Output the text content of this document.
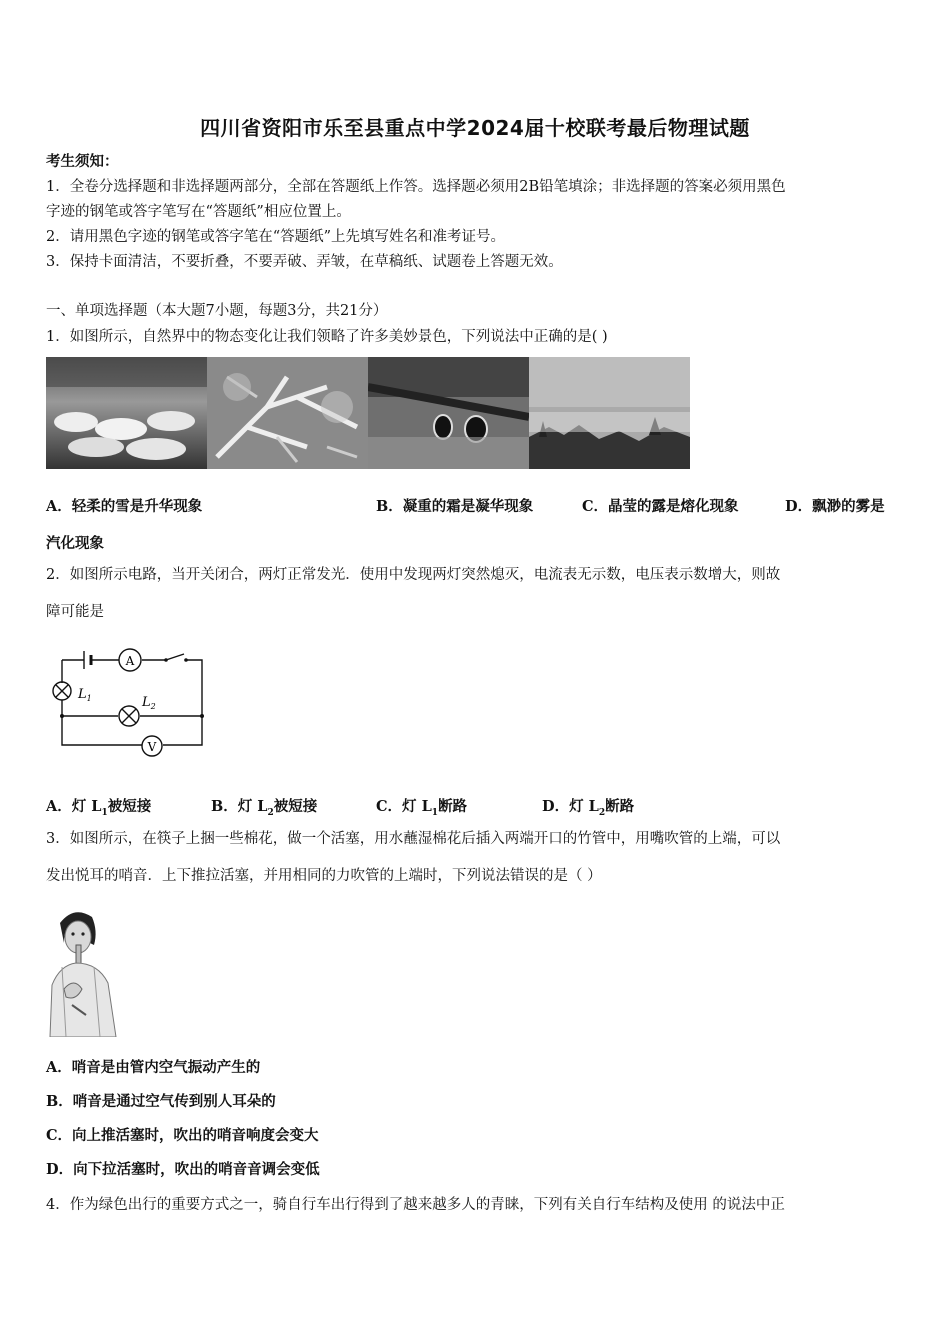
四川省资阳市乐至县重点中学2024届十校联考最后物理试题
考生须知：
1．全卷分选择题和非选择题两部分，全部在答题纸上作答。选择题必须用2B铅笔填涂；非选择题的答案必须用黑色
字迹的钢笔或答字笔写在“答题纸”相应位置上。
2．请用黑色字迹的钢笔或答字笔在“答题纸”上先填写姓名和准考证号。
3．保持卡面清洁，不要折叠，不要弄破、弄皱，在草稿纸、试题卷上答题无效。
一、单项选择题（本大题7小题，每题3分，共21分）
1．如图所示，自然界中的物态变化让我们领略了许多美妙景色，下列说法中正确的是( )
A．轻柔的雪是升华现象	B．凝重的霜是凝华现象	C．晶莹的露是熔化现象	D．飘渺的雾是
汽化现象
2．如图所示电路，当开关闭合，两灯正常发光．使用中发现两灯突然熄灭，电流表无示数，电压表示数增大，则故
障可能是
A
V
$L_1$	$L_2$
A．灯 $L_1$被短接	B．灯 $L_2$被短接	C．灯 $L_1$断路	D．灯 $L_2$断路
3．如图所示，在筷子上捆一些棉花，做一个活塞，用水蘸湿棉花后插入两端开口的竹管中，用嘴吹管的上端，可以
发出悦耳的哨音．上下推拉活塞，并用相同的力吹管的上端时，下列说法错误的是（ ）
A．哨音是由管内空气振动产生的
B．哨音是通过空气传到别人耳朵的
C．向上推活塞时，吹出的哨音响度会变大
D．向下拉活塞时，吹出的哨音音调会变低
4．作为绿色出行的重要方式之一，骑自行车出行得到了越来越多人的青睐，下列有关自行车结构及使用 的说法中正
